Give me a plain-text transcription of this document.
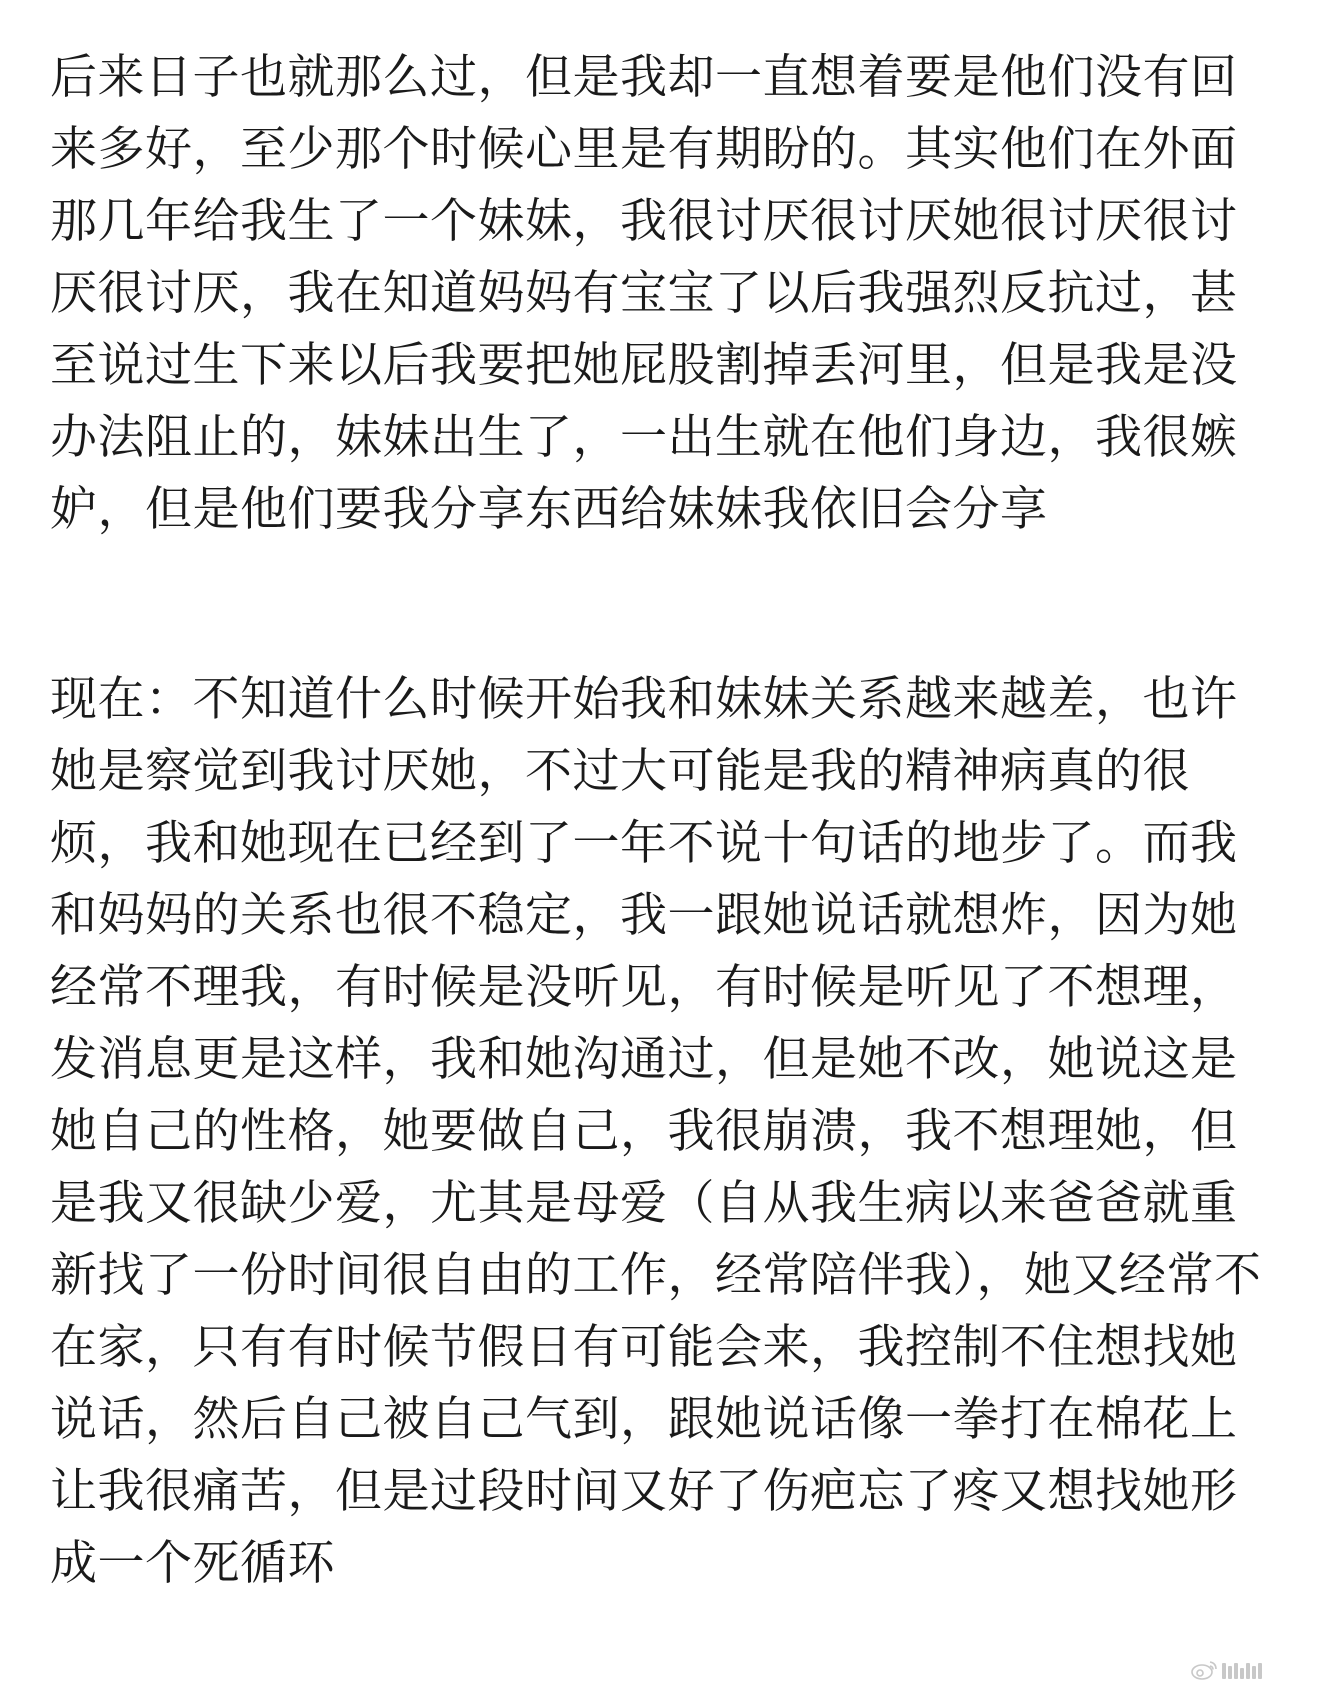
后来日子也就那么过，但是我却一直想着要是他们没有回
来多好，至少那个时候心里是有期盼的。其实他们在外面
那几年给我生了一个妹妹，我很讨厌很讨厌她很讨厌很讨
厌很讨厌，我在知道妈妈有宝宝了以后我强烈反抗过，甚
至说过生下来以后我要把她屁股割掉丢河里，但是我是没
办法阻止的，妹妹出生了，一出生就在他们身边，我很嫉
妒，但是他们要我分享东西给妹妹我依旧会分享
现在：不知道什么时候开始我和妹妹关系越来越差，也许
她是察觉到我讨厌她，不过大可能是我的精神病真的很
烦，我和她现在已经到了一年不说十句话的地步了。而我
和妈妈的关系也很不稳定，我一跟她说话就想炸，因为她
经常不理我，有时候是没听见，有时候是听见了不想理，
发消息更是这样，我和她沟通过，但是她不改，她说这是
她自己的性格，她要做自己，我很崩溃，我不想理她，但
是我又很缺少爱，尤其是母爱（自从我生病以来爸爸就重
新找了一份时间很自由的工作，经常陪伴我），她又经常不
在家，只有有时候节假日有可能会来，我控制不住想找她
说话，然后自己被自己气到，跟她说话像一拳打在棉花上
让我很痛苦，但是过段时间又好了伤疤忘了疼又想找她形
成一个死循环
